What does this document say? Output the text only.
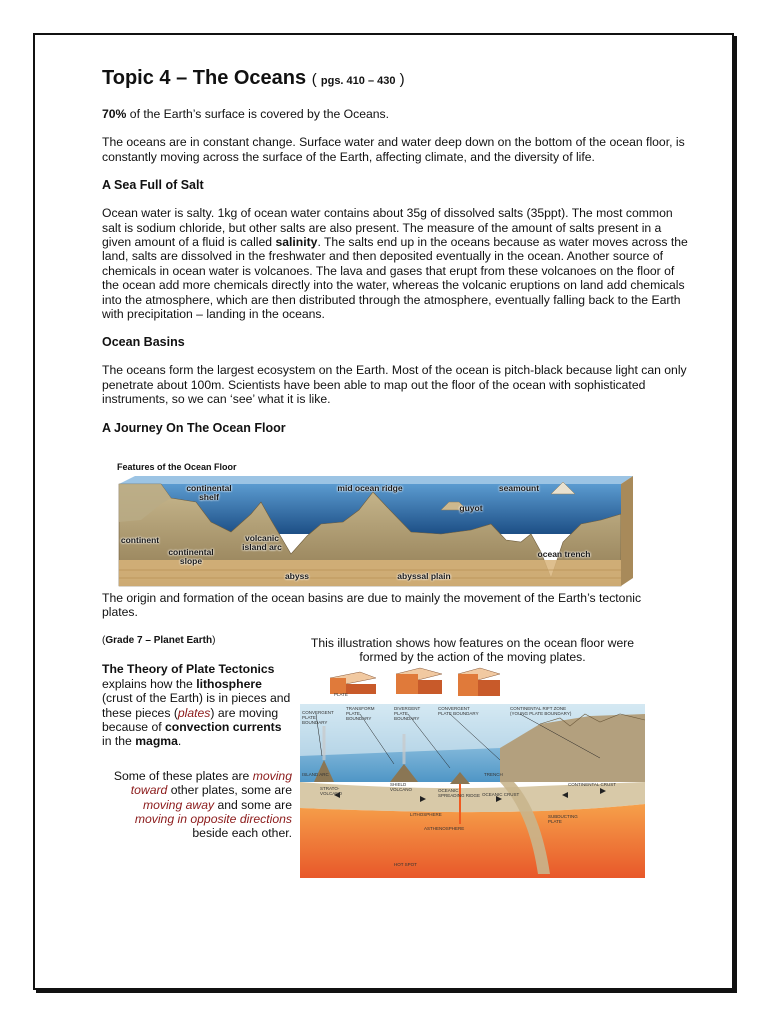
Topic 4 – The Oceans ( pgs. 410 – 430 )

70% of the Earth’s surface is covered by the Oceans.

The oceans are in constant change. Surface water and water deep down on the bottom of the ocean floor, is constantly moving across the surface of the Earth, affecting climate, and the diversity of life.

A Sea Full of Salt

Ocean water is salty. 1kg of ocean water contains about 35g of dissolved salts (35ppt). The most common salt is sodium chloride, but other salts are also present. The measure of the amount of salts present in a given amount of a fluid is called salinity. The salts end up in the oceans because as water moves across the land, salts are dissolved in the freshwater and then deposited eventually in the ocean. Another source of chemicals in ocean water is volcanoes. The lava and gases that erupt from these volcanoes on the floor of the ocean add more chemicals directly into the water, whereas the volcanic eruptions on land add chemicals into the atmosphere, which are then distributed through the atmosphere, eventually falling back to the Earth with precipitation – landing in the oceans.

Ocean Basins

The oceans form the largest ecosystem on the Earth. Most of the ocean is pitch-black because light can only penetrate about 100m. Scientists have been able to map out the floor of the ocean with sophisticated instruments, so we can ‘see’ what it is like.

A Journey On The Ocean Floor
Features of the Ocean Floor
continental shelf
mid ocean ridge	seamount
guyot
continent
continental slope
volcanic island arc
abyss	abyssal plain
ocean trench
The origin and formation of the ocean basins are due to mainly the movement of the Earth’s tectonic plates.
(Grade 7 – Planet Earth)

The Theory of Plate Tectonics explains how the lithosphere (crust of the Earth) is in pieces and these pieces (plates) are moving because of convection currents in the magma.

Some of these plates are moving toward other plates, some are moving away and some are moving in opposite directions beside each other.
This illustration shows how features on the ocean floor were formed by the action of the moving plates.
PLATE
CONVERGENT PLATE BOUNDARY
TRANSFORM PLATE BOUNDARY
DIVERGENT PLATE BOUNDARY
CONVERGENT PLATE BOUNDARY
CONTINENTAL RIFT ZONE (YOUNG PLATE BOUNDARY)
TRENCH
ISLAND ARC
STRATO-VOLCANO
SHIELD VOLCANO	OCEANIC SPREADING RIDGE OCEANIC CRUST
CONTINENTAL CRUST
LITHOSPHERE
ASTHENOSPHERE
SUBDUCTING PLATE
HOT SPOT
